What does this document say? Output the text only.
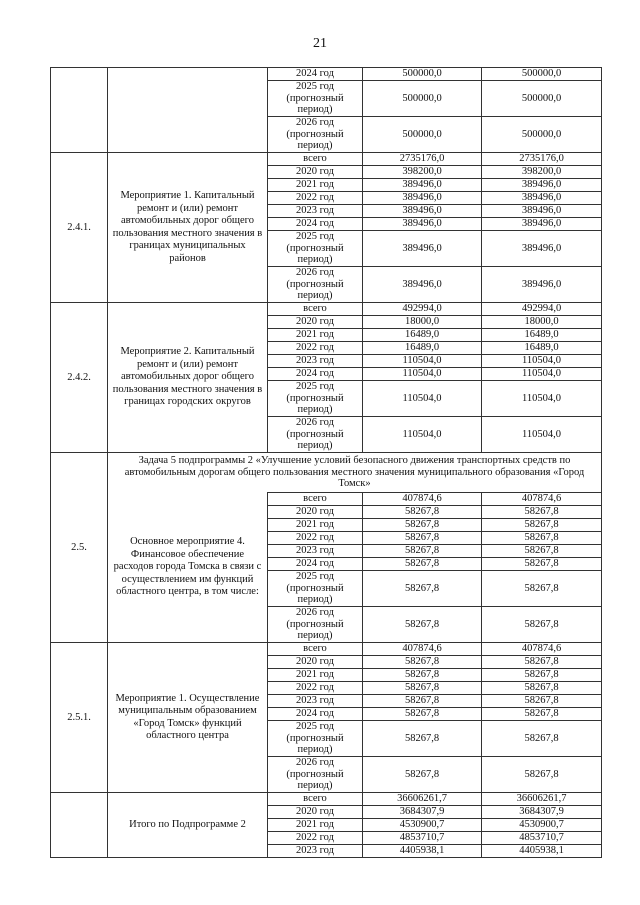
21
		2024 год	500000,0	500000,0
		2025 год (прогнозный период)	500000,0	500000,0
		2026 год (прогнозный период)	500000,0	500000,0
2.4.1.	Мероприятие 1. Капитальный ремонт и (или) ремонт автомобильных дорог общего пользования местного значения в границах муниципальных районов	всего	2735176,0	2735176,0
		2020 год	398200,0	398200,0
		2021 год	389496,0	389496,0
		2022 год	389496,0	389496,0
		2023 год	389496,0	389496,0
		2024 год	389496,0	389496,0
		2025 год (прогнозный период)	389496,0	389496,0
		2026 год (прогнозный период)	389496,0	389496,0
2.4.2.	Мероприятие 2. Капитальный ремонт и (или) ремонт автомобильных дорог общего пользования местного значения в границах городских округов	всего	492994,0	492994,0
		2020 год	18000,0	18000,0
		2021 год	16489,0	16489,0
		2022 год	16489,0	16489,0
		2023 год	110504,0	110504,0
		2024 год	110504,0	110504,0
		2025 год (прогнозный период)	110504,0	110504,0
		2026 год (прогнозный период)	110504,0	110504,0
2.5.	Задача 5 подпрограммы 2 «Улучшение условий безопасного движения транспортных средств по автомобильным дорогам общего пользования местного значения муниципального образования «Город Томск»			
	Основное мероприятие 4. Финансовое обеспечение расходов города Томска в связи с осуществлением им функций областного центра, в том числе:	всего	407874,6	407874,6
		2020 год	58267,8	58267,8
		2021 год	58267,8	58267,8
		2022 год	58267,8	58267,8
		2023 год	58267,8	58267,8
		2024 год	58267,8	58267,8
		2025 год (прогнозный период)	58267,8	58267,8
		2026 год (прогнозный период)	58267,8	58267,8
2.5.1.	Мероприятие 1. Осуществление муниципальным образованием «Город Томск» функций областного центра	всего	407874,6	407874,6
		2020 год	58267,8	58267,8
		2021 год	58267,8	58267,8
		2022 год	58267,8	58267,8
		2023 год	58267,8	58267,8
		2024 год	58267,8	58267,8
		2025 год (прогнозный период)	58267,8	58267,8
		2026 год (прогнозный период)	58267,8	58267,8
	Итого по Подпрограмме 2	всего	36606261,7	36606261,7
		2020 год	3684307,9	3684307,9
		2021 год	4530900,7	4530900,7
		2022 год	4853710,7	4853710,7
		2023 год	4405938,1	4405938,1
